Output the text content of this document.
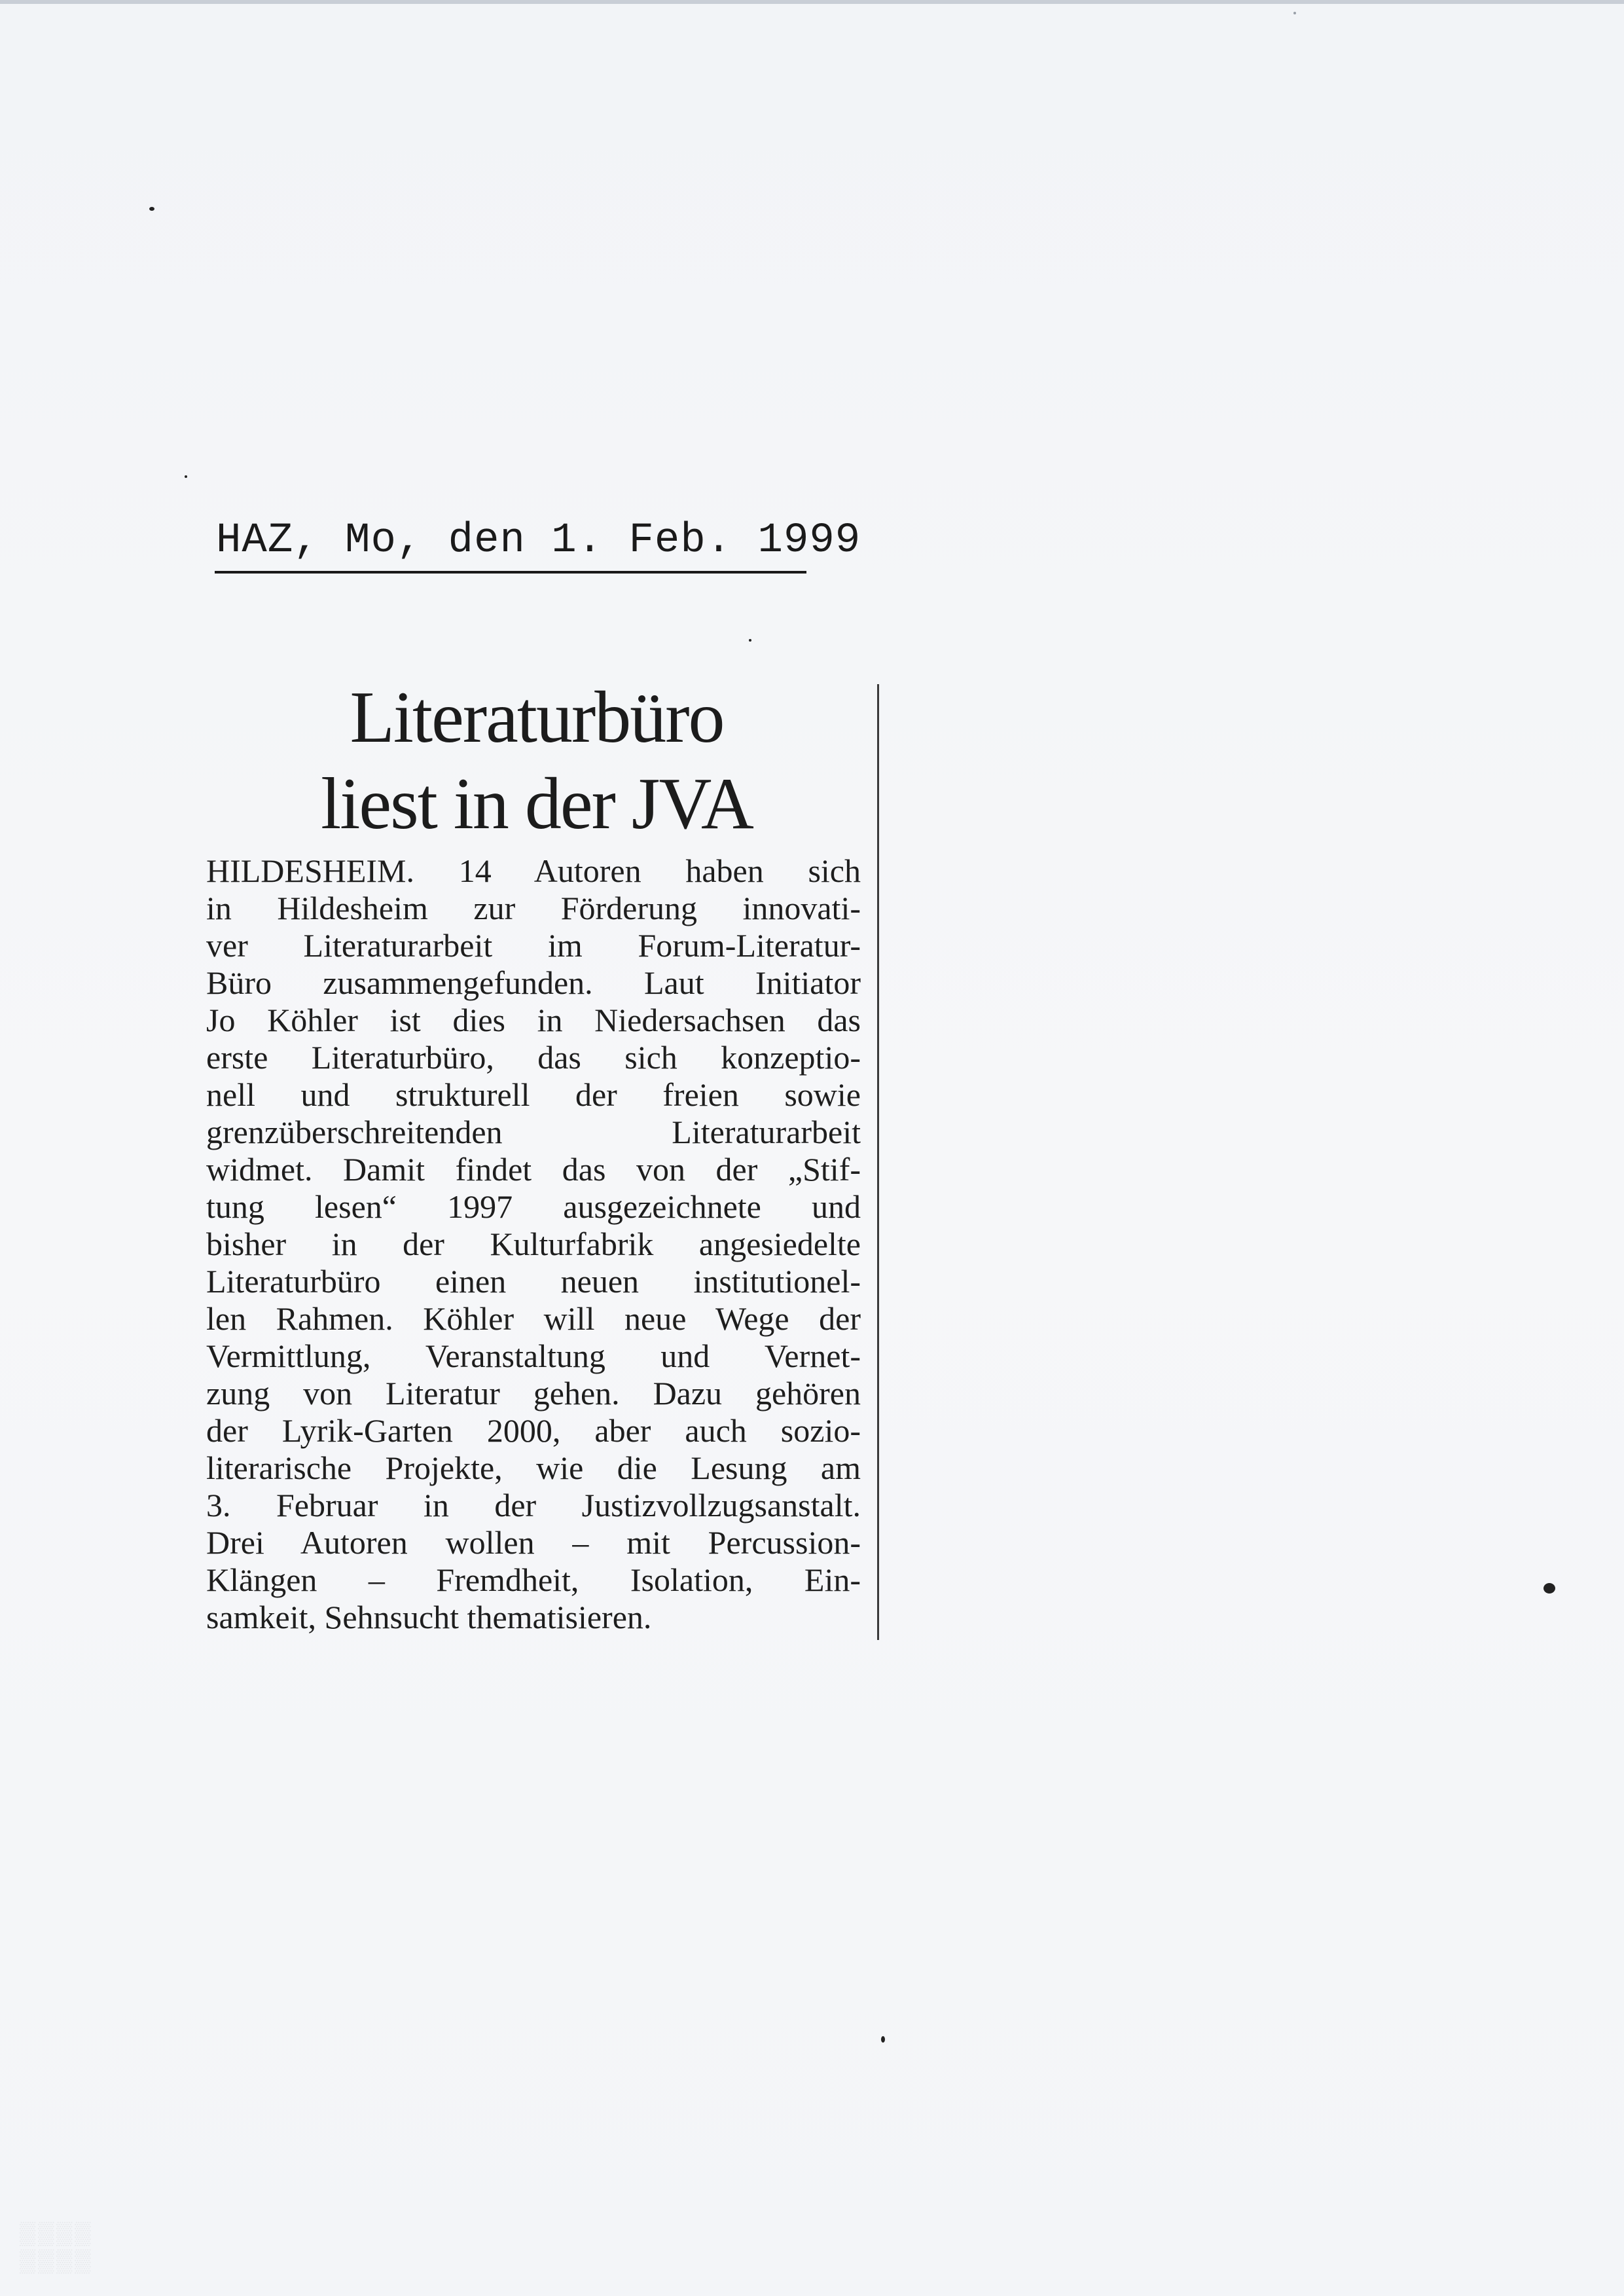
HAZ, Mo, den 1. Feb. 1999
Literaturbüro
liest in der JVA
HILDESHEIM. 14 Autoren haben sich
in Hildesheim zur Förderung innovati-
ver Literaturarbeit im Forum-Literatur-
Büro zusammengefunden. Laut Initiator
Jo Köhler ist dies in Niedersachsen das
erste Literaturbüro, das sich konzeptio-
nell und strukturell der freien sowie
grenzüberschreitenden Literaturarbeit
widmet. Damit findet das von der „Stif-
tung lesen“ 1997 ausgezeichnete und
bisher in der Kulturfabrik angesiedelte
Literaturbüro einen neuen institutionel-
len Rahmen. Köhler will neue Wege der
Vermittlung, Veranstaltung und Vernet-
zung von Literatur gehen. Dazu gehören
der Lyrik-Garten 2000, aber auch sozio-
literarische Projekte, wie die Lesung am
3. Februar in der Justizvollzugsanstalt.
Drei Autoren wollen – mit Percussion-
Klängen – Fremdheit, Isolation, Ein-
samkeit, Sehnsucht thematisieren.
▒▒▒▒
▒▒▒▒
